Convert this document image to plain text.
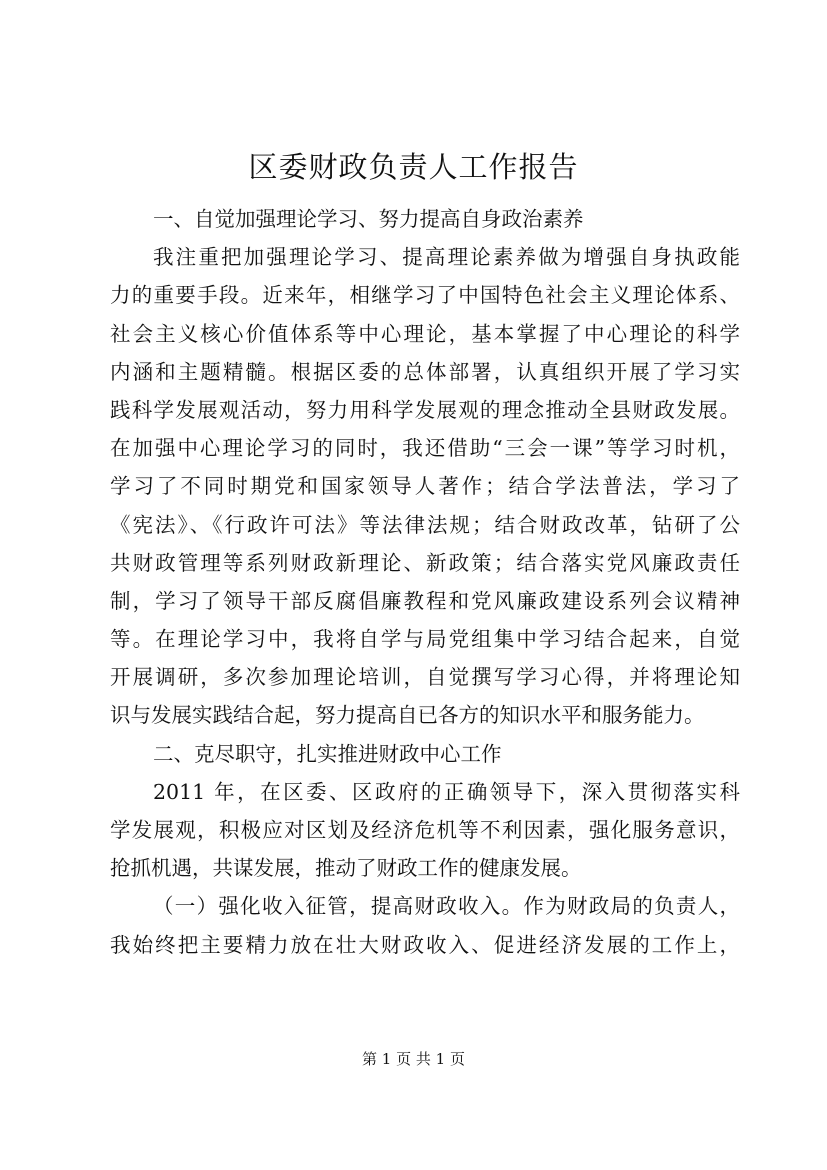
区委财政负责人工作报告

一、自觉加强理论学习、努力提高自身政治素养

我注重把加强理论学习、提高理论素养做为增强自身执政能
力的重要手段。近来年，相继学习了中国特色社会主义理论体系、
社会主义核心价值体系等中心理论，基本掌握了中心理论的科学
内涵和主题精髓。根据区委的总体部署，认真组织开展了学习实
践科学发展观活动，努力用科学发展观的理念推动全县财政发展。
在加强中心理论学习的同时，我还借助“三会一课”等学习时机，
学习了不同时期党和国家领导人著作；结合学法普法，学习了
《宪法》、《行政许可法》等法律法规；结合财政改革，钻研了公
共财政管理等系列财政新理论、新政策；结合落实党风廉政责任
制，学习了领导干部反腐倡廉教程和党风廉政建设系列会议精神
等。在理论学习中，我将自学与局党组集中学习结合起来，自觉
开展调研，多次参加理论培训，自觉撰写学习心得，并将理论知
识与发展实践结合起，努力提高自已各方的知识水平和服务能力。

二、克尽职守，扎实推进财政中心工作

2011 年，在区委、区政府的正确领导下，深入贯彻落实科
学发展观，积极应对区划及经济危机等不利因素，强化服务意识，
抢抓机遇，共谋发展，推动了财政工作的健康发展。

（一）强化收入征管，提高财政收入。作为财政局的负责人，
我始终把主要精力放在壮大财政收入、促进经济发展的工作上，

第 1 页 共 1 页
